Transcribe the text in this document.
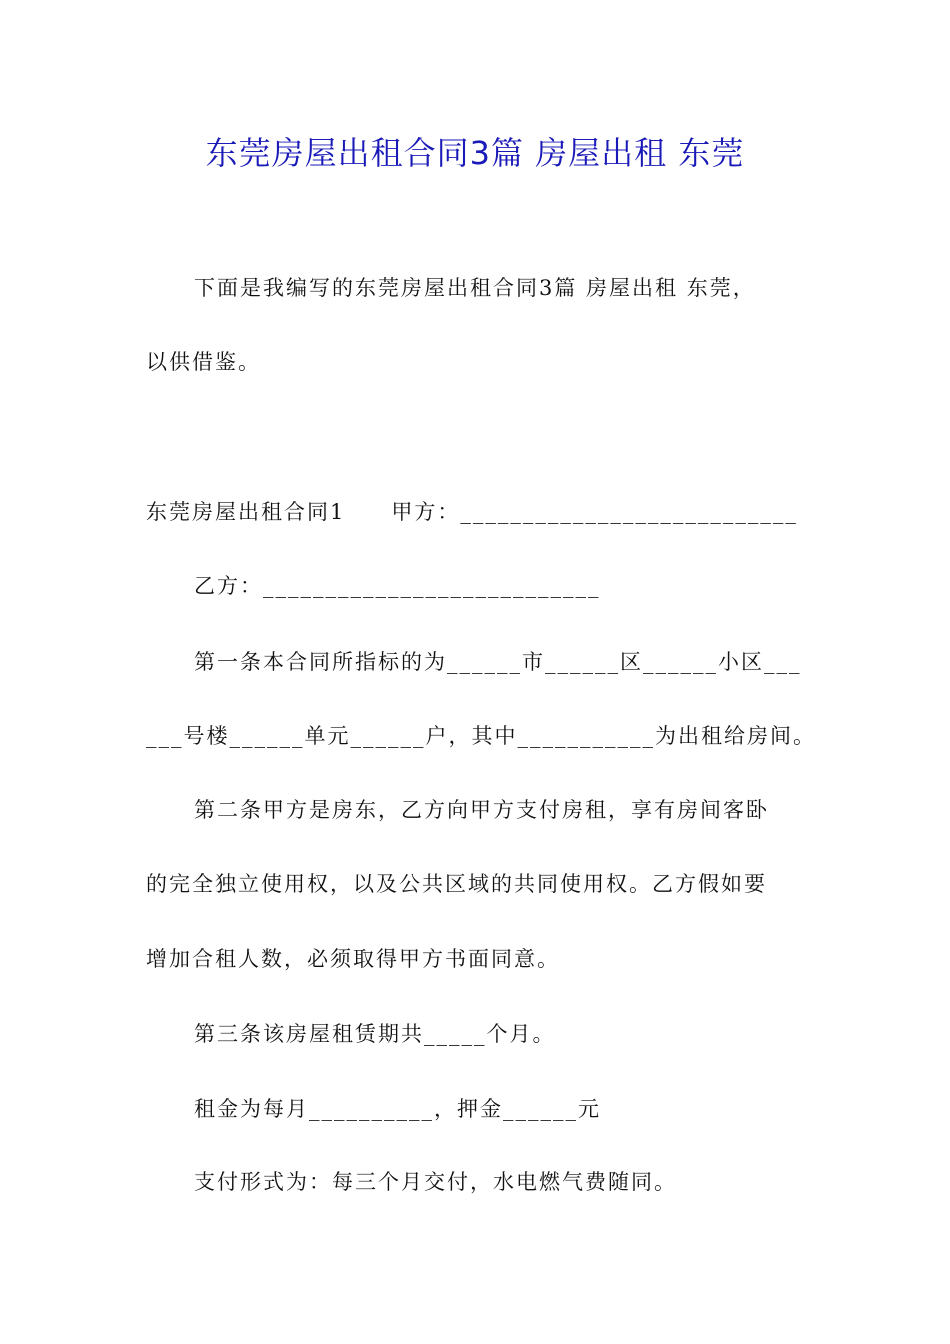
东莞房屋出租合同3篇 房屋出租 东莞
下面是我编写的东莞房屋出租合同3篇 房屋出租 东莞，
以供借鉴。
东莞房屋出租合同1　　甲方：___________________________
乙方：___________________________
第一条本合同所指标的为______市______区______小区___
___号楼______单元______户，其中___________为出租给房间。
第二条甲方是房东，乙方向甲方支付房租，享有房间客卧
的完全独立使用权，以及公共区域的共同使用权。乙方假如要
增加合租人数，必须取得甲方书面同意。
第三条该房屋租赁期共_____个月。
租金为每月__________，押金______元
支付形式为：每三个月交付，水电燃气费随同。
